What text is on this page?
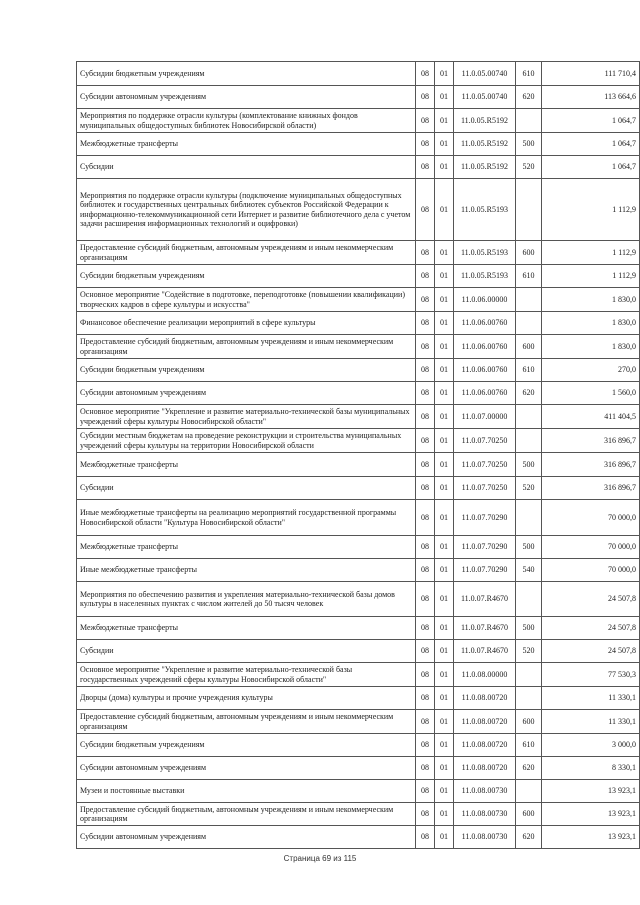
Субсидии бюджетным учреждениям	08	01	11.0.05.00740	610	111 710,4
Субсидии автономным учреждениям	08	01	11.0.05.00740	620	113 664,6
Мероприятия по поддержке отрасли культуры (комплектование книжных фондов муниципальных общедоступных библиотек Новосибирской области)	08	01	11.0.05.R5192		1 064,7
Межбюджетные трансферты	08	01	11.0.05.R5192	500	1 064,7
Субсидии	08	01	11.0.05.R5192	520	1 064,7
Мероприятия по поддержке отрасли культуры (подключение муниципальных общедоступных библиотек и государственных центральных библиотек субъектов Российской Федерации к информационно-телекоммуникационной сети Интернет и развитие библиотечного дела с учетом задачи расширения информационных технологий и оцифровки)	08	01	11.0.05.R5193		1 112,9
Предоставление субсидий бюджетным, автономным учреждениям и иным некоммерческим организациям	08	01	11.0.05.R5193	600	1 112,9
Субсидии бюджетным учреждениям	08	01	11.0.05.R5193	610	1 112,9
Основное мероприятие "Содействие в подготовке, переподготовке (повышении квалификации) творческих кадров в сфере культуры и искусства"	08	01	11.0.06.00000		1 830,0
Финансовое обеспечение реализации мероприятий в сфере культуры	08	01	11.0.06.00760		1 830,0
Предоставление субсидий бюджетным, автономным учреждениям и иным некоммерческим организациям	08	01	11.0.06.00760	600	1 830,0
Субсидии бюджетным учреждениям	08	01	11.0.06.00760	610	270,0
Субсидии автономным учреждениям	08	01	11.0.06.00760	620	1 560,0
Основное мероприятие "Укрепление и развитие материально-технической базы муниципальных учреждений сферы культуры Новосибирской области"	08	01	11.0.07.00000		411 404,5
Субсидии местным бюджетам на проведение реконструкции и строительства муниципальных учреждений сферы культуры на территории Новосибирской области	08	01	11.0.07.70250		316 896,7
Межбюджетные трансферты	08	01	11.0.07.70250	500	316 896,7
Субсидии	08	01	11.0.07.70250	520	316 896,7
Иные межбюджетные трансферты на реализацию мероприятий государственной программы Новосибирской области "Культура Новосибирской области"	08	01	11.0.07.70290		70 000,0
Межбюджетные трансферты	08	01	11.0.07.70290	500	70 000,0
Иные межбюджетные трансферты	08	01	11.0.07.70290	540	70 000,0
Мероприятия по обеспечению развития и укрепления материально-технической базы домов культуры в населенных пунктах с числом жителей до 50 тысяч человек	08	01	11.0.07.R4670		24 507,8
Межбюджетные трансферты	08	01	11.0.07.R4670	500	24 507,8
Субсидии	08	01	11.0.07.R4670	520	24 507,8
Основное мероприятие "Укрепление и развитие материально-технической базы государственных учреждений сферы культуры Новосибирской области"	08	01	11.0.08.00000		77 530,3
Дворцы (дома) культуры и прочие учреждения культуры	08	01	11.0.08.00720		11 330,1
Предоставление субсидий бюджетным, автономным учреждениям и иным некоммерческим организациям	08	01	11.0.08.00720	600	11 330,1
Субсидии бюджетным учреждениям	08	01	11.0.08.00720	610	3 000,0
Субсидии автономным учреждениям	08	01	11.0.08.00720	620	8 330,1
Музеи и постоянные выставки	08	01	11.0.08.00730		13 923,1
Предоставление субсидий бюджетным, автономным учреждениям и иным некоммерческим организациям	08	01	11.0.08.00730	600	13 923,1
Субсидии автономным учреждениям	08	01	11.0.08.00730	620	13 923,1
Страница 69 из 115
